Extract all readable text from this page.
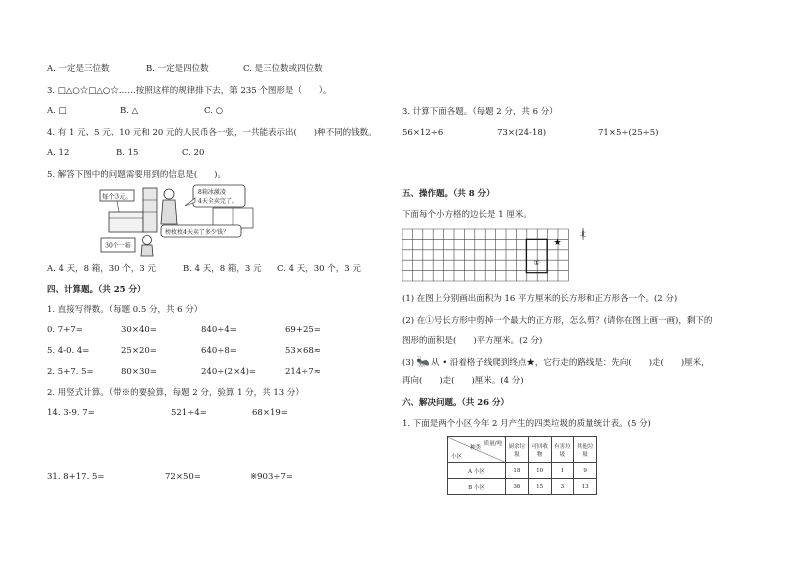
A. 一定是三位数	B. 一定是四位数	C. 是三位数或四位数
3. □△○☆□△○☆……按照这样的规律排下去，第 235 个图形是（　　）。
A. □	B. △	C. ○
4. 有 1 元、5 元、10 元和 20 元的人民币各一张，一共能表示出(　　)种不同的钱数。
A. 12	B. 15	C. 20
5. 解答下图中的问题需要用到的信息是(　　)。
每个3元。	8箱冰激凌
4天全卖完了。
榜枚枚4天卖了多少钱？
30个一箱
A. 4 天，8 箱，30 个，3 元	B. 4 天，8 箱，3 元 C. 4 天，30 个，3 元
四、计算题。（共 25 分）
1. 直接写得数。（每题 0.5 分，共 6 分）
0. 7+7=	30×40=	840÷4=	69+25=
5. 4-0. 4=	25×20=	640÷8=	53×68≈
2. 5+7. 5=	80×30=	240÷(2×4)=	214÷7≈
2. 用竖式计算。（带※的要验算，每题 2 分，验算 1 分，共 13 分）
14. 3-9. 7=	521÷4=	68×19=
31. 8+17. 5=	72×50=	※903÷7=
3. 计算下面各题。（每题 2 分，共 6 分）
56×12÷6	73×(24-18)	71×5÷(25÷5)
五、操作题。（共 8 分）
下面每个小方格的边长是 1 厘米。
①
★
北
(1) 在图上分别画出面积为 16 平方厘米的长方形和正方形各一个。(2 分)
(2) 在①号长方形中剪掉一个最大的正方形，怎么剪？(请你在图上画一画)，剩下的
图形的面积是(　　)平方厘米。(2 分)
(3) 🐜 从 • 沿着格子线爬到终点★，它行走的路线是：先向(　　)走(　　)厘米，
再向(　　)走(　　)厘米。(4 分)
六、解决问题。（共 26 分）
1. 下面是两个小区今年 2 月产生的四类垃圾的质量统计表。(5 分)
质量/吨
种类
小区	厨余垃圾	可回收物	有害垃圾	其他垃圾
A 小区	18	10	1	9
B 小区	36	15	3	13
